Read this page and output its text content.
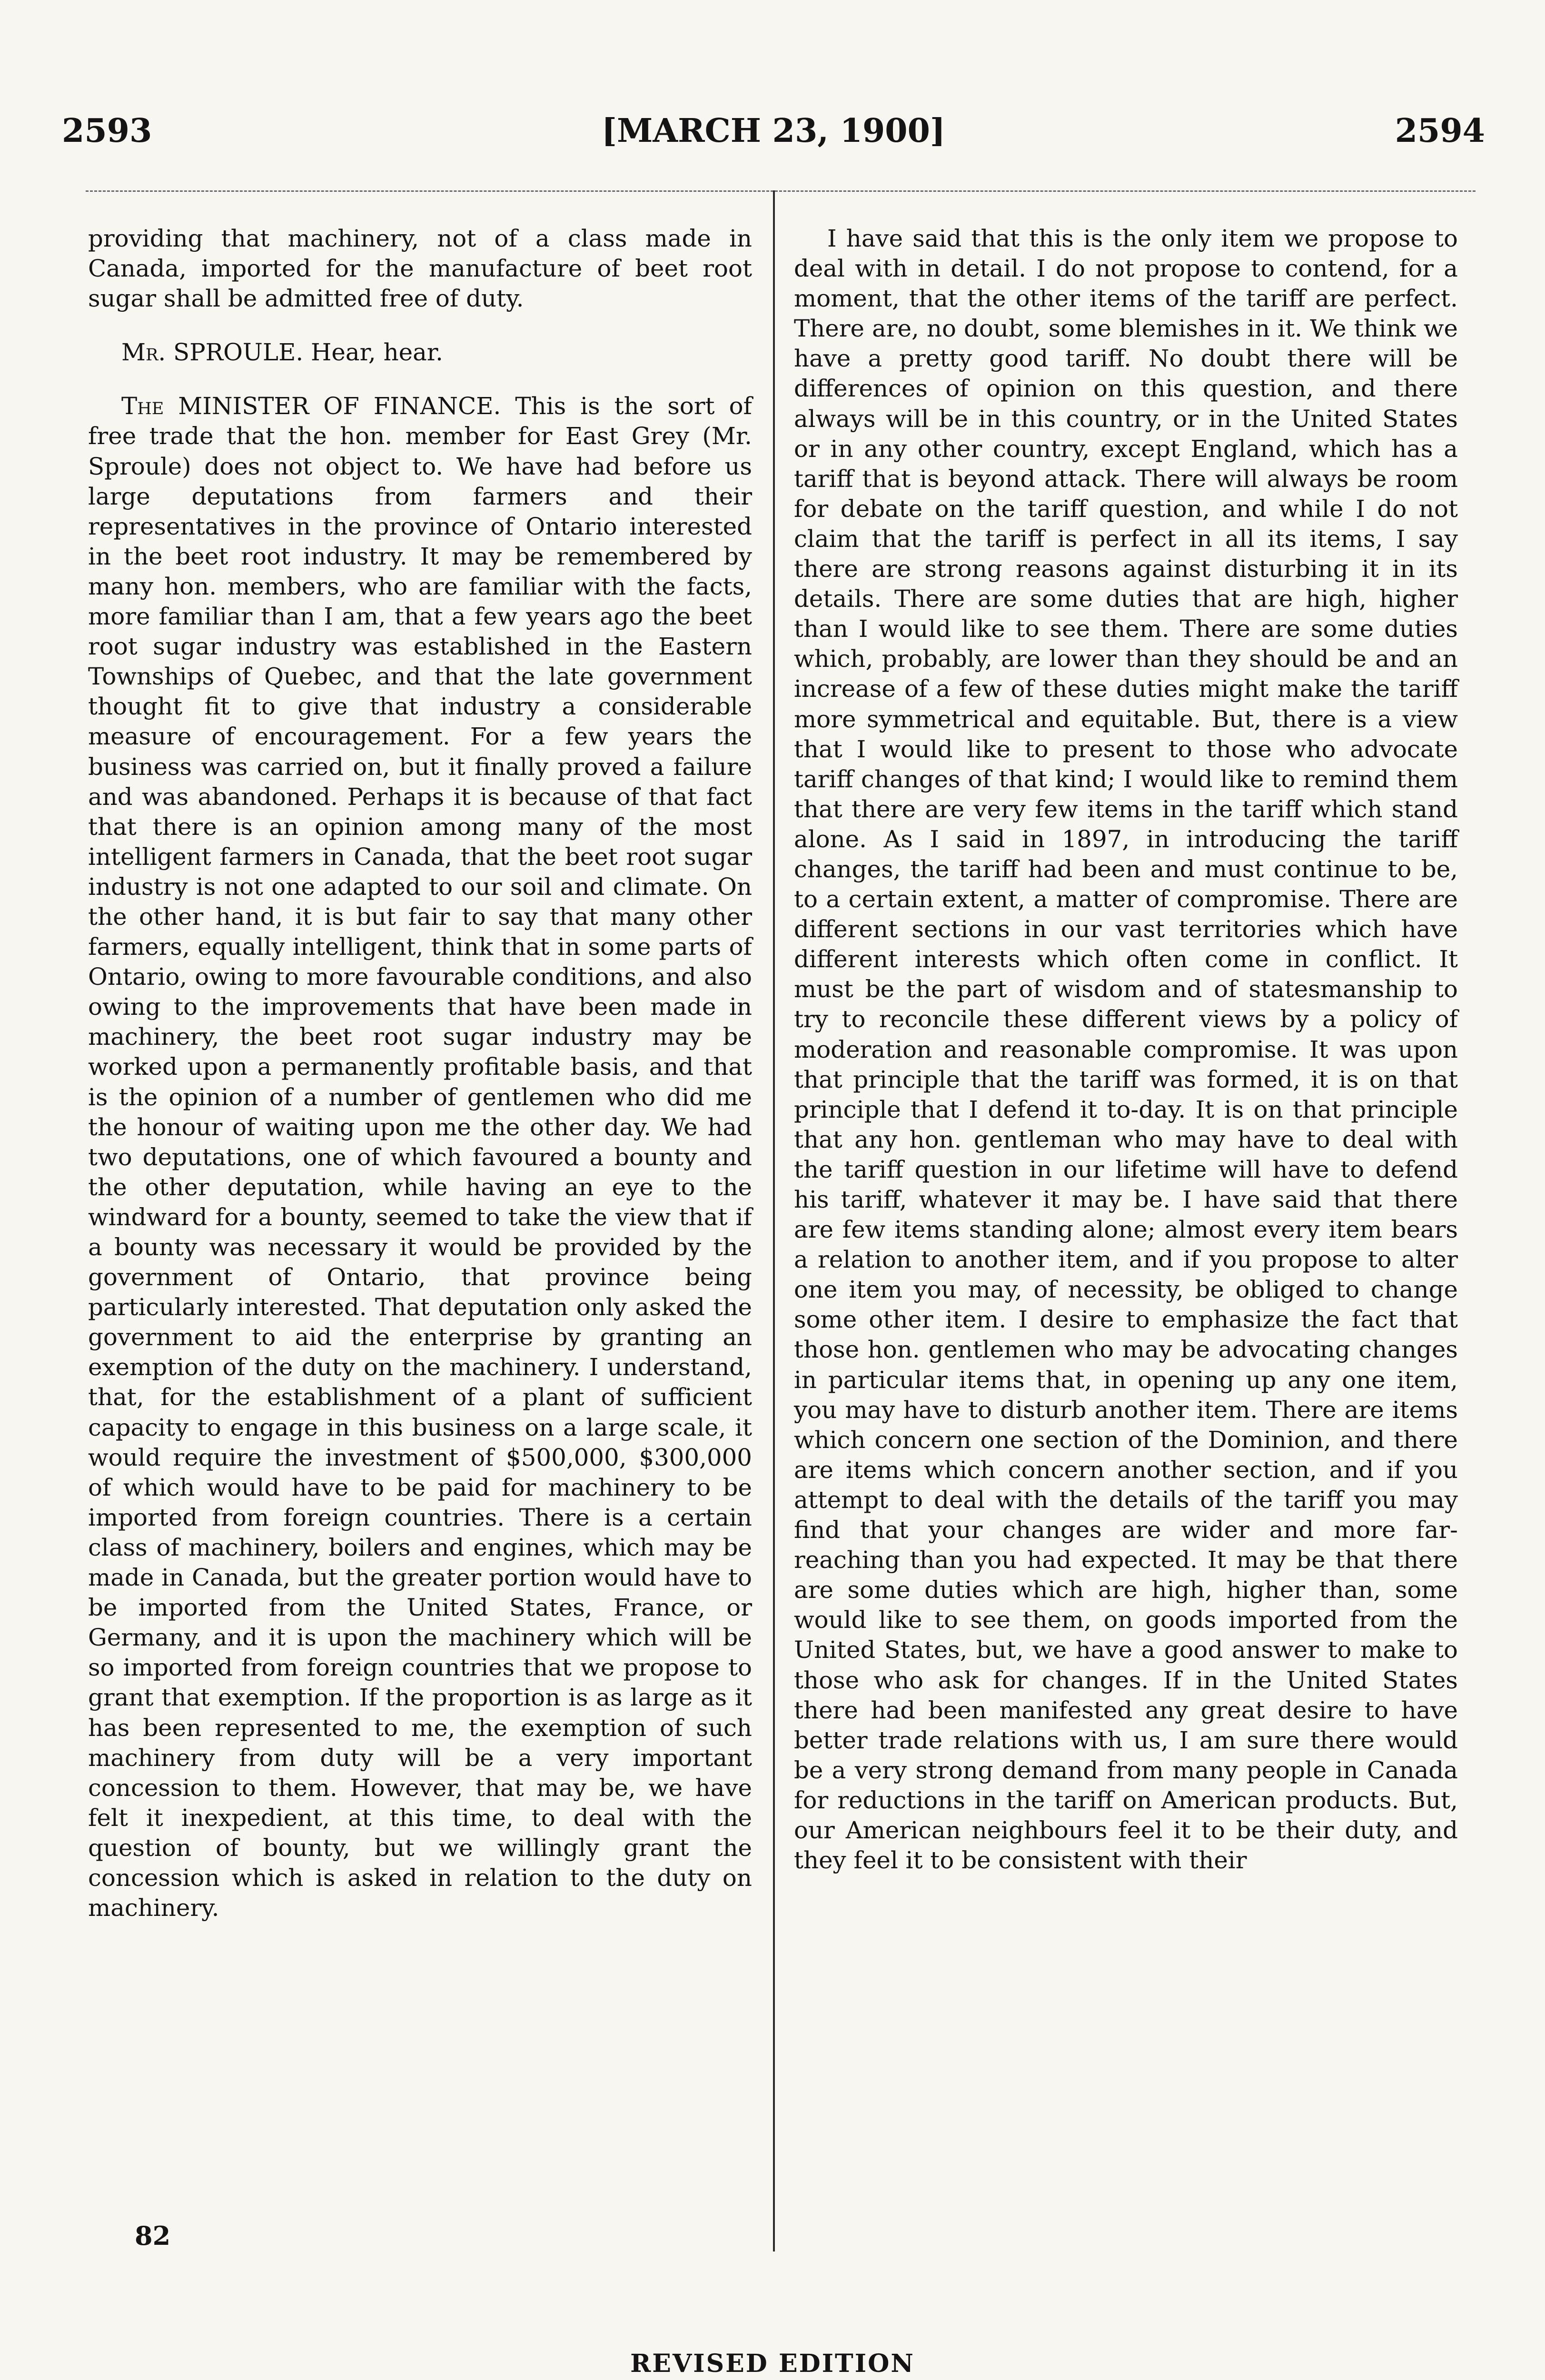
[MARCH 23, 1900]
2593	2594

providing that machinery, not of a class made in Canada, imported for the manufacture of beet root sugar shall be admitted free of duty.

Mr. SPROULE. Hear, hear.

The MINISTER OF FINANCE. This is the sort of free trade that the hon. member for East Grey (Mr. Sproule) does not object to. We have had before us large deputations from farmers and their representatives in the province of Ontario interested in the beet root industry. It may be remembered by many hon. members, who are familiar with the facts, more familiar than I am, that a few years ago the beet root sugar industry was established in the Eastern Townships of Quebec, and that the late government thought fit to give that industry a considerable measure of encouragement. For a few years the business was carried on, but it finally proved a failure and was abandoned. Perhaps it is because of that fact that there is an opinion among many of the most intelligent farmers in Canada, that the beet root sugar industry is not one adapted to our soil and climate. On the other hand, it is but fair to say that many other farmers, equally intelligent, think that in some parts of Ontario, owing to more favourable conditions, and also owing to the improvements that have been made in machinery, the beet root sugar industry may be worked upon a permanently profitable basis, and that is the opinion of a number of gentlemen who did me the honour of waiting upon me the other day. We had two deputations, one of which favoured a bounty and the other deputation, while having an eye to the windward for a bounty, seemed to take the view that if a bounty was necessary it would be provided by the government of Ontario, that province being particularly interested. That deputation only asked the government to aid the enterprise by granting an exemption of the duty on the machinery. I understand, that, for the establishment of a plant of sufficient capacity to engage in this business on a large scale, it would require the investment of $500,000, $300,000 of which would have to be paid for machinery to be imported from foreign countries. There is a certain class of machinery, boilers and engines, which may be made in Canada, but the greater portion would have to be imported from the United States, France, or Germany, and it is upon the machinery which will be so imported from foreign countries that we propose to grant that exemption. If the proportion is as large as it has been represented to me, the exemption of such machinery from duty will be a very important concession to them. However, that may be, we have felt it inexpedient, at this time, to deal with the question of bounty, but we willingly grant the concession which is asked in relation to the duty on machinery.

82

I have said that this is the only item we propose to deal with in detail. I do not propose to contend, for a moment, that the other items of the tariff are perfect. There are, no doubt, some blemishes in it. We think we have a pretty good tariff. No doubt there will be differences of opinion on this question, and there always will be in this country, or in the United States or in any other country, except England, which has a tariff that is beyond attack. There will always be room for debate on the tariff question, and while I do not claim that the tariff is perfect in all its items, I say there are strong reasons against disturbing it in its details. There are some duties that are high, higher than I would like to see them. There are some duties which, probably, are lower than they should be and an increase of a few of these duties might make the tariff more symmetrical and equitable. But, there is a view that I would like to present to those who advocate tariff changes of that kind; I would like to remind them that there are very few items in the tariff which stand alone. As I said in 1897, in introducing the tariff changes, the tariff had been and must continue to be, to a certain extent, a matter of compromise. There are different sections in our vast territories which have different interests which often come in conflict. It must be the part of wisdom and of statesmanship to try to reconcile these different views by a policy of moderation and reasonable compromise. It was upon that principle that the tariff was formed, it is on that principle that I defend it to-day. It is on that principle that any hon. gentleman who may have to deal with the tariff question in our lifetime will have to defend his tariff, whatever it may be. I have said that there are few items standing alone; almost every item bears a relation to another item, and if you propose to alter one item you may, of necessity, be obliged to change some other item. I desire to emphasize the fact that those hon. gentlemen who may be advocating changes in particular items that, in opening up any one item, you may have to disturb another item. There are items which concern one section of the Dominion, and there are items which concern another section, and if you attempt to deal with the details of the tariff you may find that your changes are wider and more far-reaching than you had expected. It may be that there are some duties which are high, higher than, some would like to see them, on goods imported from the United States, but, we have a good answer to make to those who ask for changes. If in the United States there had been manifested any great desire to have better trade relations with us, I am sure there would be a very strong demand from many people in Canada for reductions in the tariff on American products. But, our American neighbours feel it to be their duty, and they feel it to be consistent with their

REVISED EDITION
